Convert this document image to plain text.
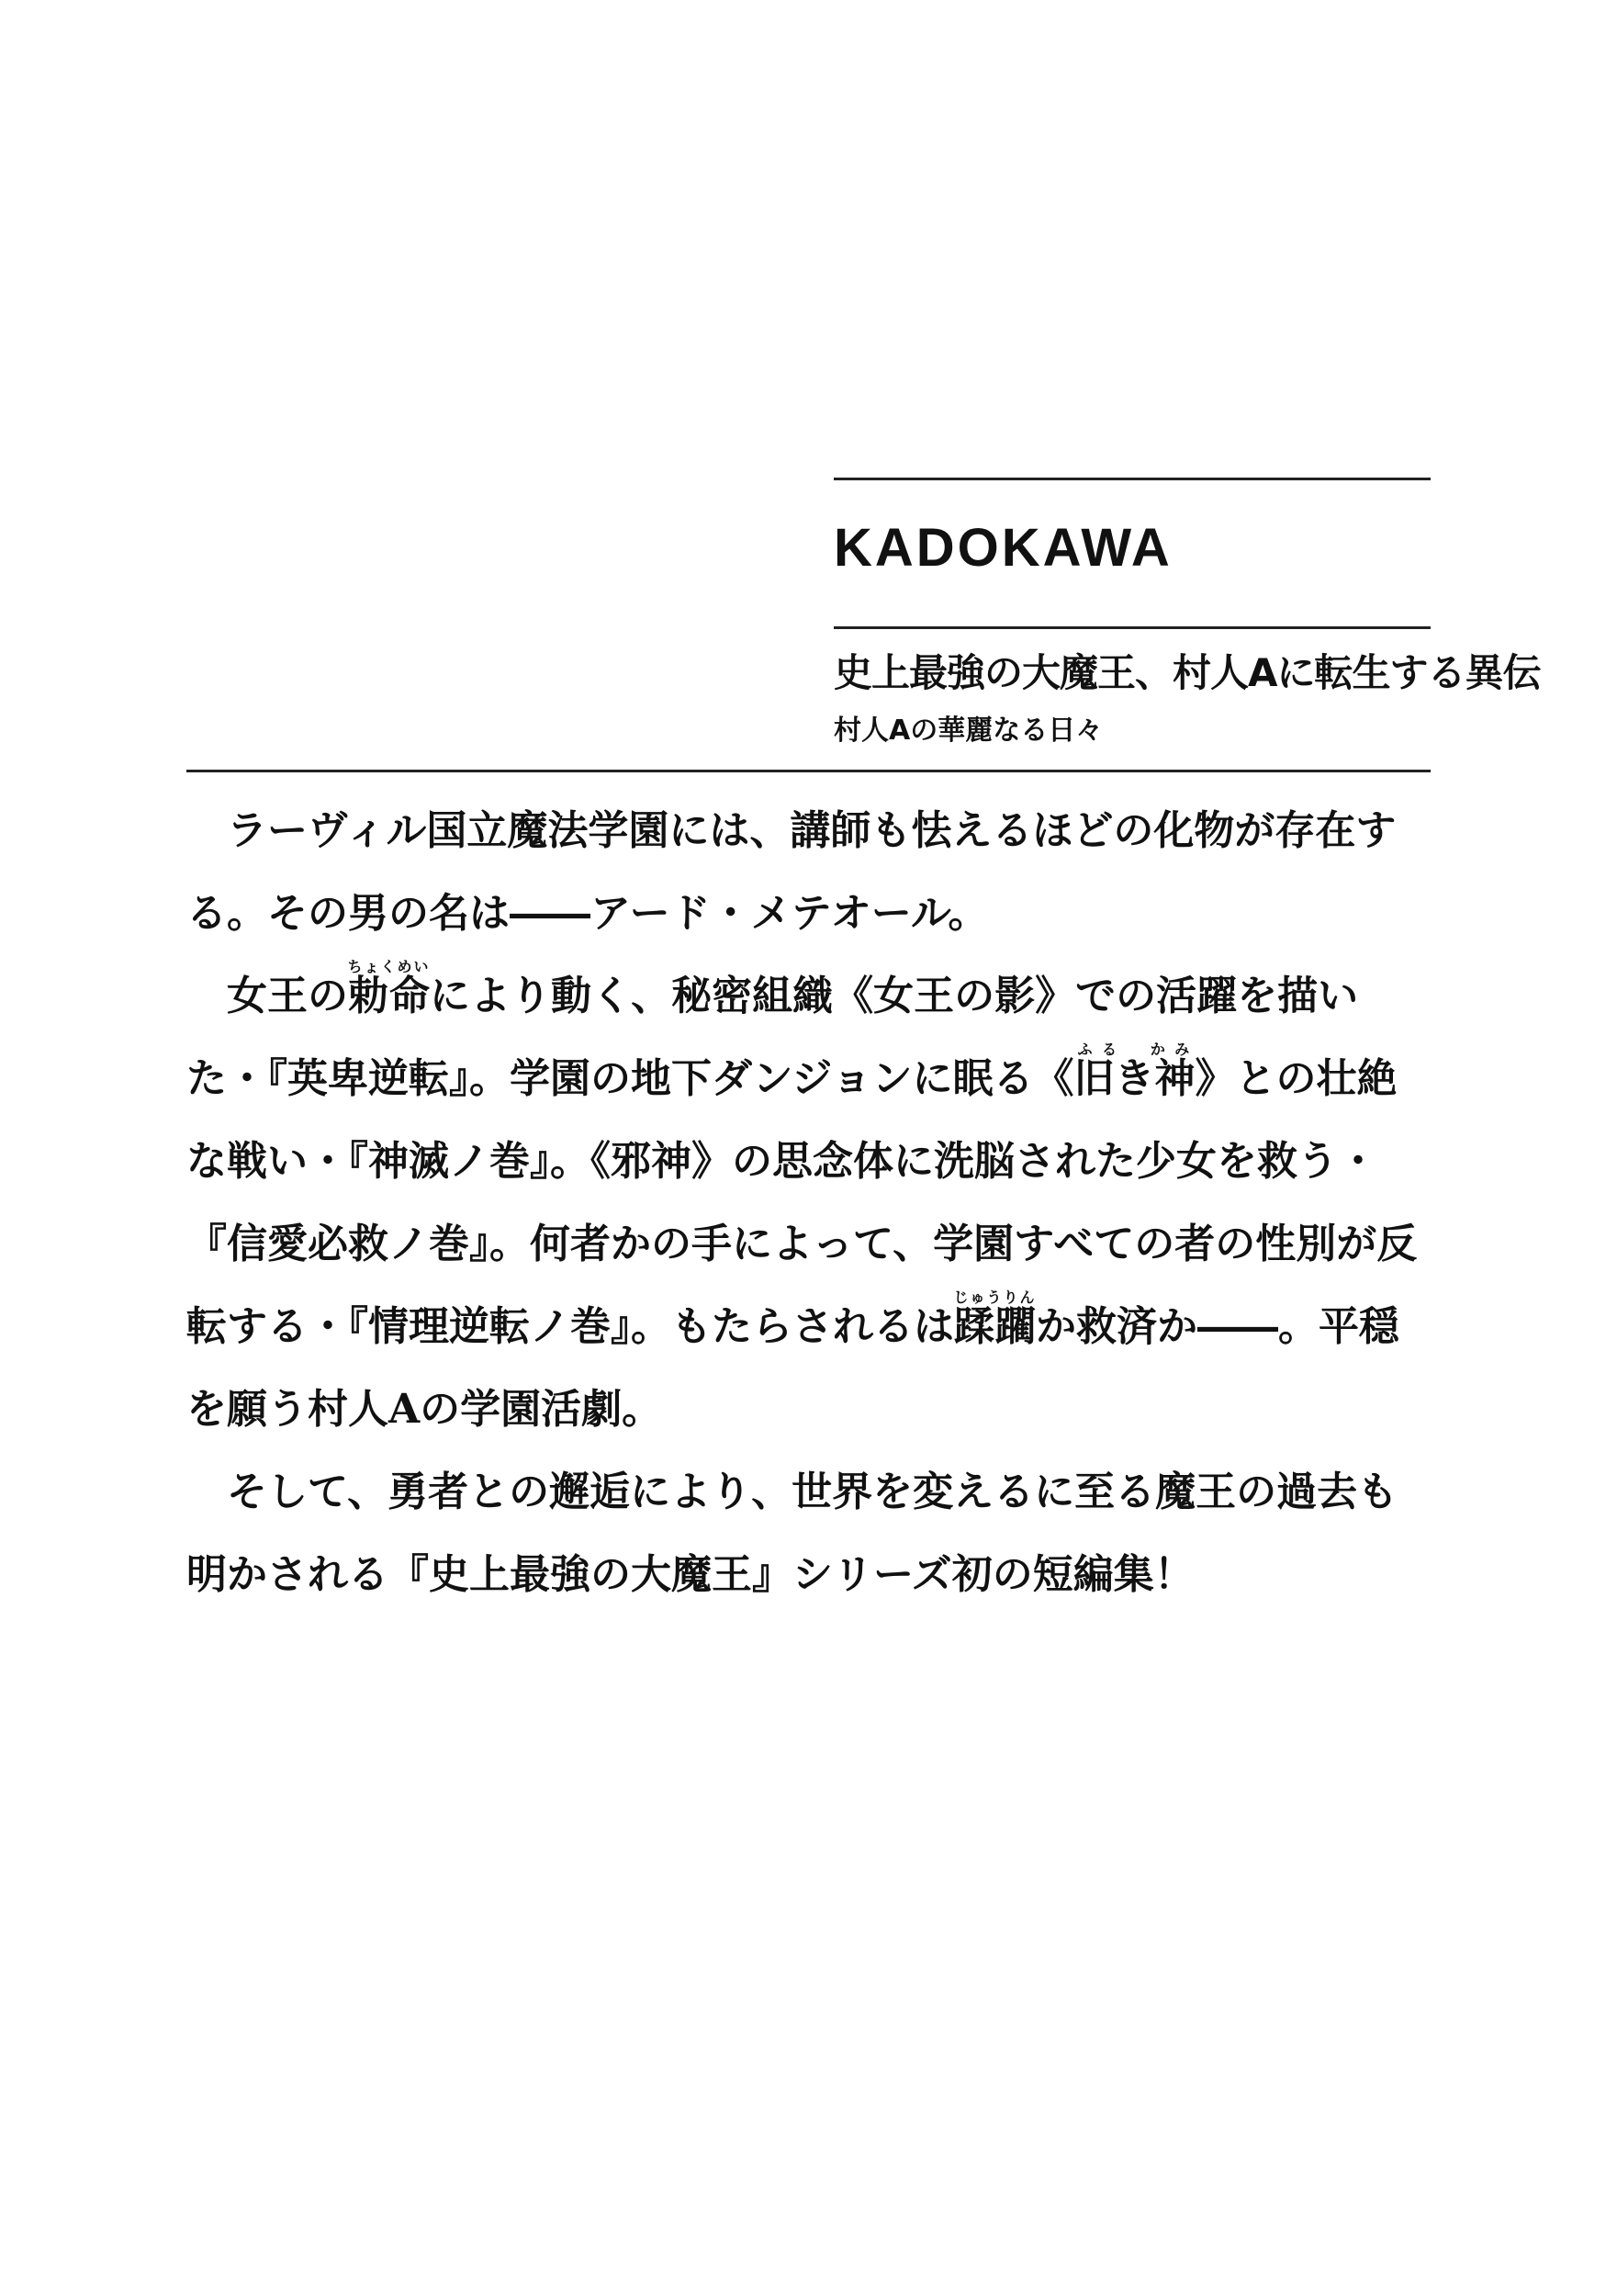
KADOKAWA
史上最強の大魔王、村人Aに転生する異伝
村人Aの華麗なる日々

ラーヴィル国立魔法学園には、講師も怯えるほどの化物が存在する。その男の名は――アード・メテオール。

女王の勅命ちょくめいにより動く、秘密組織《女王の影》での活躍を描いた・『英卑逆転』。学園の地下ダンジョンに眠る《旧き神ふる　かみ》との壮絶な戦い・『神滅ノ巻』。《邪神》の思念体に洗脳された少女を救う・『信愛必救ノ巻』。何者かの手によって、学園すべての者の性別が反転する・『情理逆転ノ巻』。もたらされるは蹂躙じゅうりんか救済か――。平穏を願う村人Aの学園活劇。

そして、勇者との邂逅により、世界を変えるに至る魔王の過去も明かされる『史上最強の大魔王』シリーズ初の短編集！
